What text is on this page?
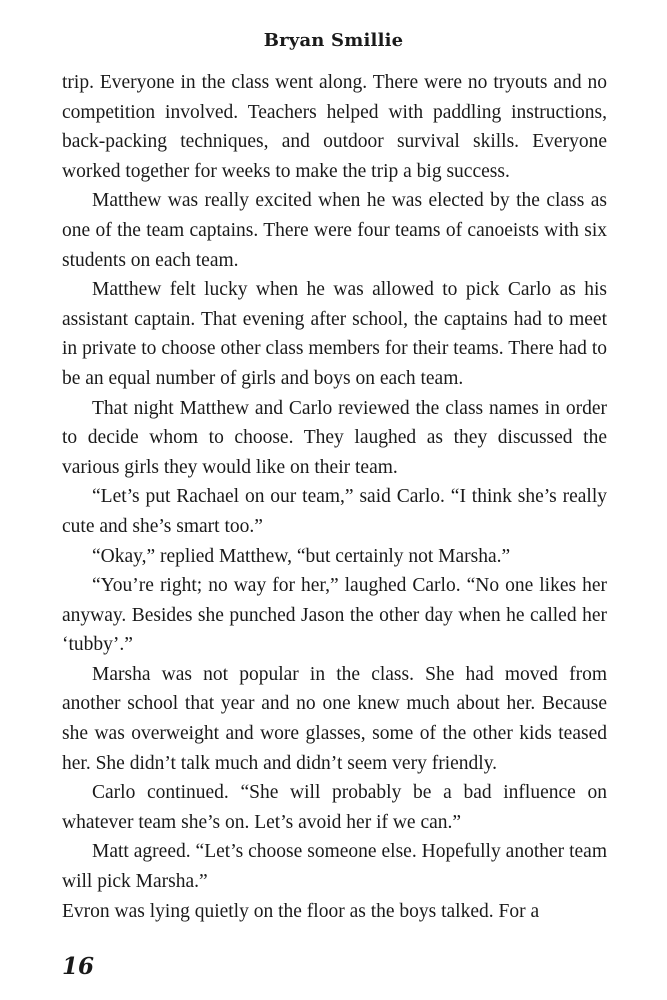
Bryan Smillie

trip. Everyone in the class went along. There were no tryouts and no competition involved. Teachers helped with paddling instructions, back-packing techniques, and outdoor survival skills. Everyone worked together for weeks to make the trip a big success.

Matthew was really excited when he was elected by the class as one of the team captains. There were four teams of canoeists with six students on each team.

Matthew felt lucky when he was allowed to pick Carlo as his assistant captain. That evening after school, the captains had to meet in private to choose other class members for their teams. There had to be an equal number of girls and boys on each team.

That night Matthew and Carlo reviewed the class names in order to decide whom to choose. They laughed as they discussed the various girls they would like on their team.

“Let’s put Rachael on our team,” said Carlo. “I think she’s really cute and she’s smart too.”

“Okay,” replied Matthew, “but certainly not Marsha.”

“You’re right; no way for her,” laughed Carlo. “No one likes her anyway. Besides she punched Jason the other day when he called her ‘tubby’.”

Marsha was not popular in the class. She had moved from another school that year and no one knew much about her. Because she was overweight and wore glasses, some of the other kids teased her. She didn’t talk much and didn’t seem very friendly.

Carlo continued. “She will probably be a bad influence on whatever team she’s on. Let’s avoid her if we can.”

Matt agreed. “Let’s choose someone else. Hopefully another team will pick Marsha.”

Evron was lying quietly on the floor as the boys talked. For a

16
